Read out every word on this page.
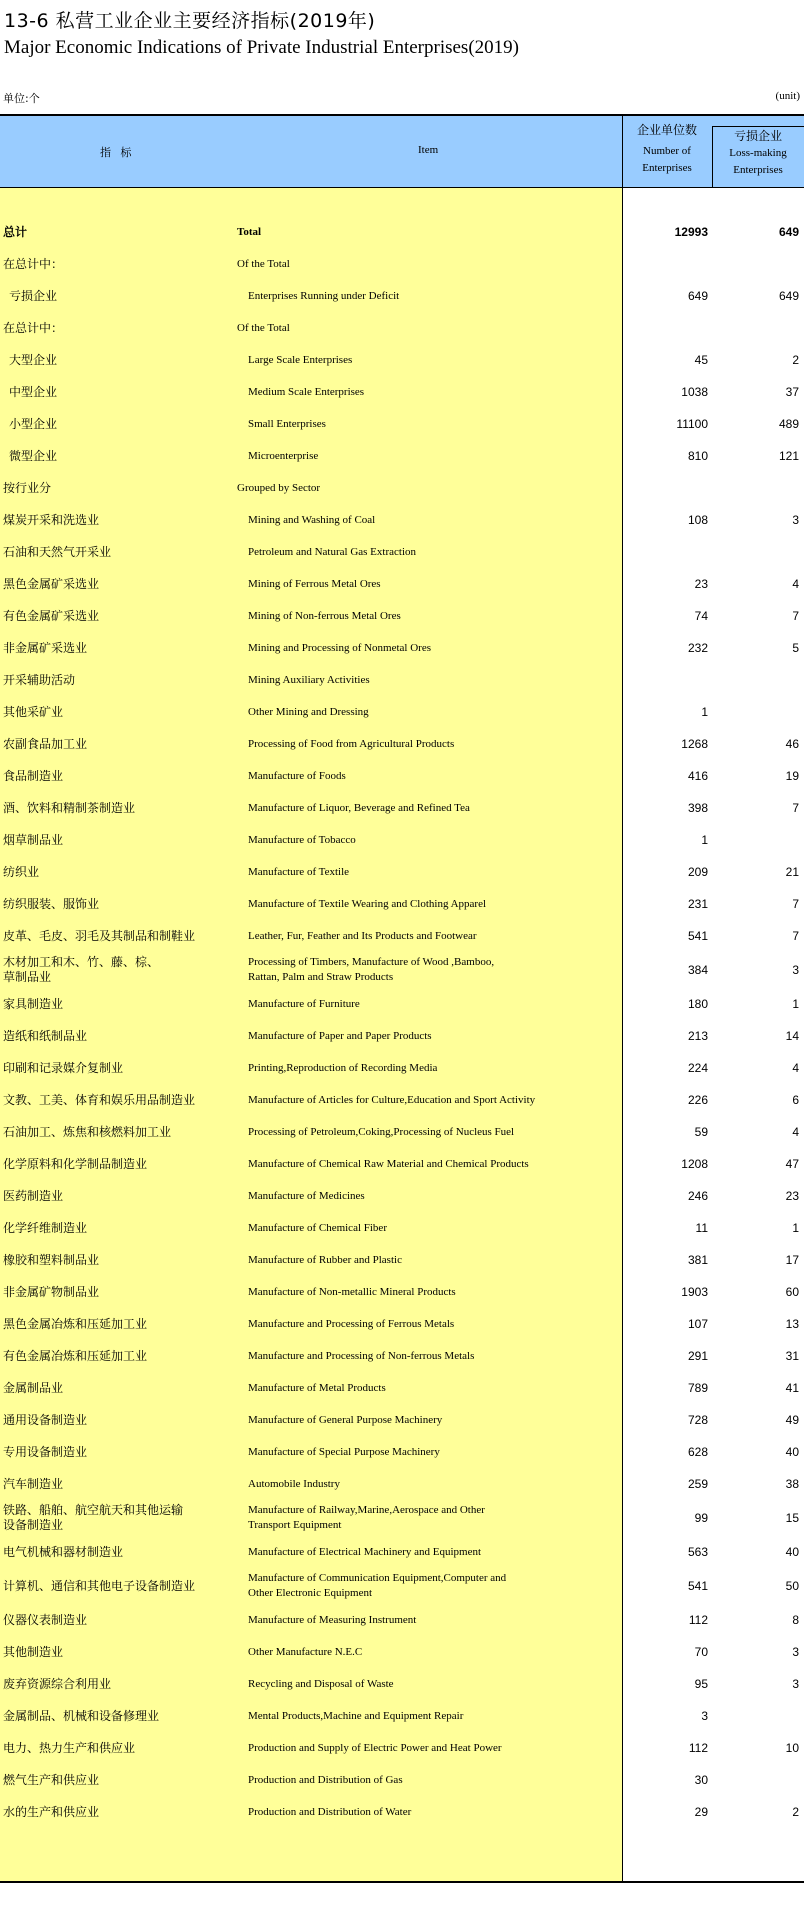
13-6 私营工业企业主要经济指标(2019年)
Major Economic Indications of Private Industrial Enterprises(2019)
单位:个	(unit)
指 标	Item
企业单位数
Number of
Enterprises
亏损企业
Loss-making
Enterprises
总计	Total	12993	649
在总计中：	Of the Total
亏损企业	Enterprises Running under Deficit	649	649
在总计中：	Of the Total
大型企业	Large Scale Enterprises	45	2
中型企业	Medium Scale Enterprises	1038	37
小型企业	Small Enterprises	11100	489
微型企业	Microenterprise	810	121
按行业分	Grouped by Sector
煤炭开采和洗选业	Mining and Washing of Coal	108	3
石油和天然气开采业	Petroleum and Natural Gas Extraction
黑色金属矿采选业	Mining of Ferrous Metal Ores	23	4
有色金属矿采选业	Mining of Non-ferrous Metal Ores	74	7
非金属矿采选业	Mining and Processing of Nonmetal Ores	232	5
开采辅助活动	Mining Auxiliary Activities
其他采矿业	Other Mining and Dressing	1
农副食品加工业	Processing of Food from Agricultural Products	1268	46
食品制造业	Manufacture of Foods	416	19
酒、饮料和精制茶制造业	Manufacture of Liquor, Beverage and Refined Tea	398	7
烟草制品业	Manufacture of Tobacco	1
纺织业	Manufacture of Textile	209	21
纺织服装、服饰业	Manufacture of Textile Wearing and Clothing Apparel	231	7
皮革、毛皮、羽毛及其制品和制鞋业	Leather, Fur, Feather and Its Products and Footwear	541	7
木材加工和木、竹、藤、棕、
草制品业
Processing of Timbers, Manufacture of Wood ,Bamboo,
Rattan, Palm and Straw Products	384	3
家具制造业	Manufacture of Furniture	180	1
造纸和纸制品业	Manufacture of Paper and Paper Products	213	14
印刷和记录媒介复制业	Printing,Reproduction of Recording Media	224	4
文教、工美、体育和娱乐用品制造业	Manufacture of Articles for Culture,Education and Sport Activity	226	6
石油加工、炼焦和核燃料加工业	Processing of Petroleum,Coking,Processing of Nucleus Fuel	59	4
化学原料和化学制品制造业	Manufacture of Chemical Raw Material and Chemical Products	1208	47
医药制造业	Manufacture of Medicines	246	23
化学纤维制造业	Manufacture of Chemical Fiber	11	1
橡胶和塑料制品业	Manufacture of Rubber and Plastic	381	17
非金属矿物制品业	Manufacture of Non-metallic Mineral Products	1903	60
黑色金属冶炼和压延加工业	Manufacture and Processing of Ferrous Metals	107	13
有色金属冶炼和压延加工业	Manufacture and Processing of Non-ferrous Metals	291	31
金属制品业	Manufacture of Metal Products	789	41
通用设备制造业	Manufacture of General Purpose Machinery	728	49
专用设备制造业	Manufacture of Special Purpose Machinery	628	40
汽车制造业	Automobile Industry	259	38
铁路、船舶、航空航天和其他运输
设备制造业
Manufacture of Railway,Marine,Aerospace and Other
Transport Equipment	99	15
电气机械和器材制造业	Manufacture of Electrical Machinery and Equipment	563	40
计算机、通信和其他电子设备制造业
Manufacture of Communication Equipment,Computer and
Other Electronic Equipment	541	50
仪器仪表制造业	Manufacture of Measuring Instrument	112	8
其他制造业	Other Manufacture N.E.C	70	3
废弃资源综合利用业	Recycling and Disposal of Waste	95	3
金属制品、机械和设备修理业	Mental Products,Machine and Equipment Repair	3
电力、热力生产和供应业	Production and Supply of Electric Power and Heat Power	112	10
燃气生产和供应业	Production and Distribution of Gas	30
水的生产和供应业	Production and Distribution of Water	29	2
